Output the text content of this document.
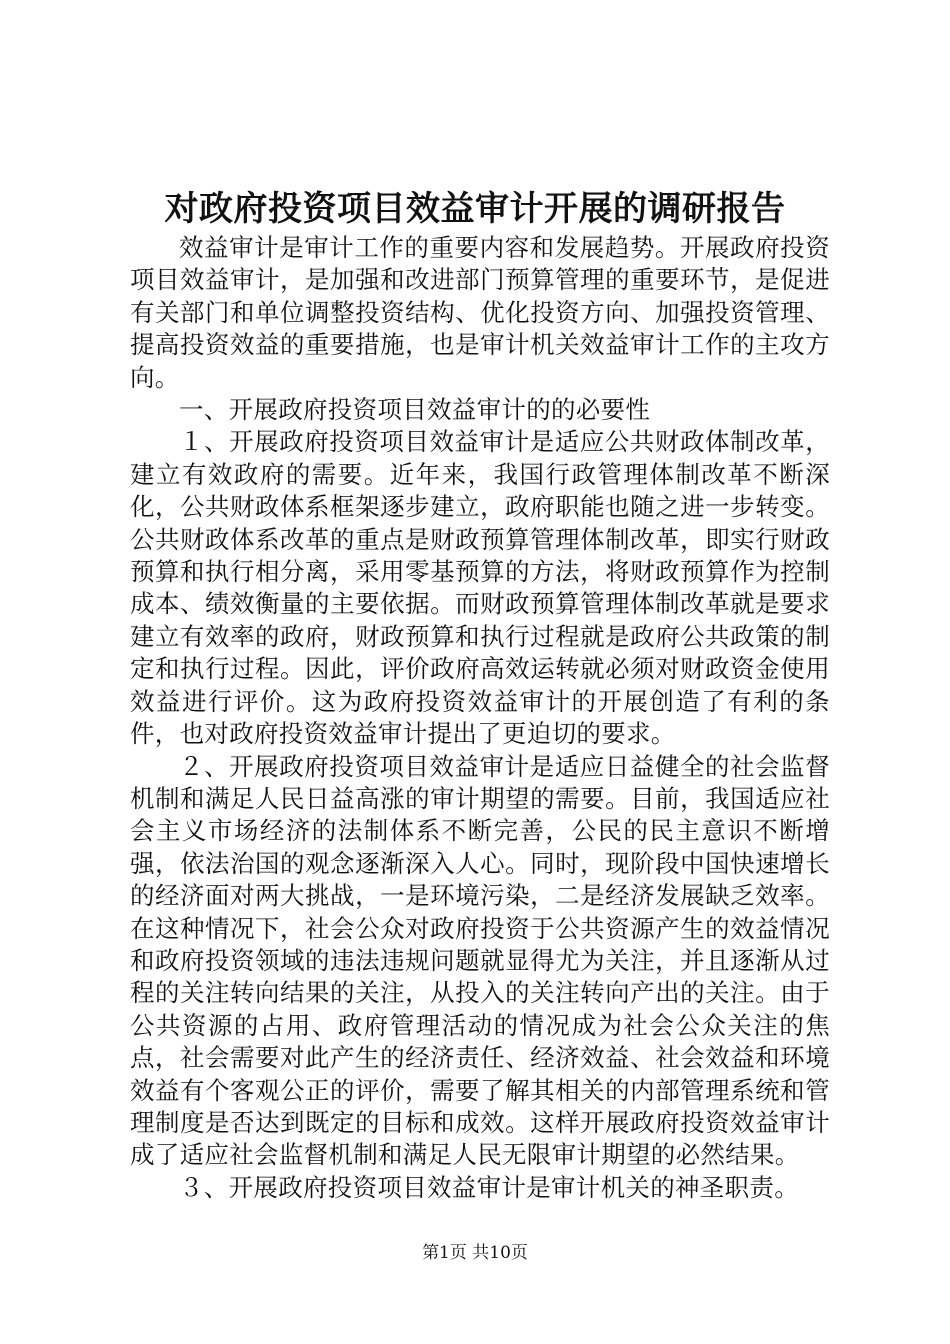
对政府投资项目效益审计开展的调研报告

效益审计是审计工作的重要内容和发展趋势。开展政府投资项目效益审计，是加强和改进部门预算管理的重要环节，是促进有关部门和单位调整投资结构、优化投资方向、加强投资管理、提高投资效益的重要措施，也是审计机关效益审计工作的主攻方向。

一、开展政府投资项目效益审计的的必要性

１、开展政府投资项目效益审计是适应公共财政体制改革，建立有效政府的需要。近年来，我国行政管理体制改革不断深化，公共财政体系框架逐步建立，政府职能也随之进一步转变。公共财政体系改革的重点是财政预算管理体制改革，即实行财政预算和执行相分离，采用零基预算的方法，将财政预算作为控制成本、绩效衡量的主要依据。而财政预算管理体制改革就是要求建立有效率的政府，财政预算和执行过程就是政府公共政策的制定和执行过程。因此，评价政府高效运转就必须对财政资金使用效益进行评价。这为政府投资效益审计的开展创造了有利的条件，也对政府投资效益审计提出了更迫切的要求。

２、开展政府投资项目效益审计是适应日益健全的社会监督机制和满足人民日益高涨的审计期望的需要。目前，我国适应社会主义市场经济的法制体系不断完善，公民的民主意识不断增强，依法治国的观念逐渐深入人心。同时，现阶段中国快速增长的经济面对两大挑战，一是环境污染，二是经济发展缺乏效率。在这种情况下，社会公众对政府投资于公共资源产生的效益情况和政府投资领域的违法违规问题就显得尤为关注，并且逐渐从过程的关注转向结果的关注，从投入的关注转向产出的关注。由于公共资源的占用、政府管理活动的情况成为社会公众关注的焦点，社会需要对此产生的经济责任、经济效益、社会效益和环境效益有个客观公正的评价，需要了解其相关的内部管理系统和管理制度是否达到既定的目标和成效。这样开展政府投资效益审计成了适应社会监督机制和满足人民无限审计期望的必然结果。

３、开展政府投资项目效益审计是审计机关的神圣职责。

第1页 共10页
